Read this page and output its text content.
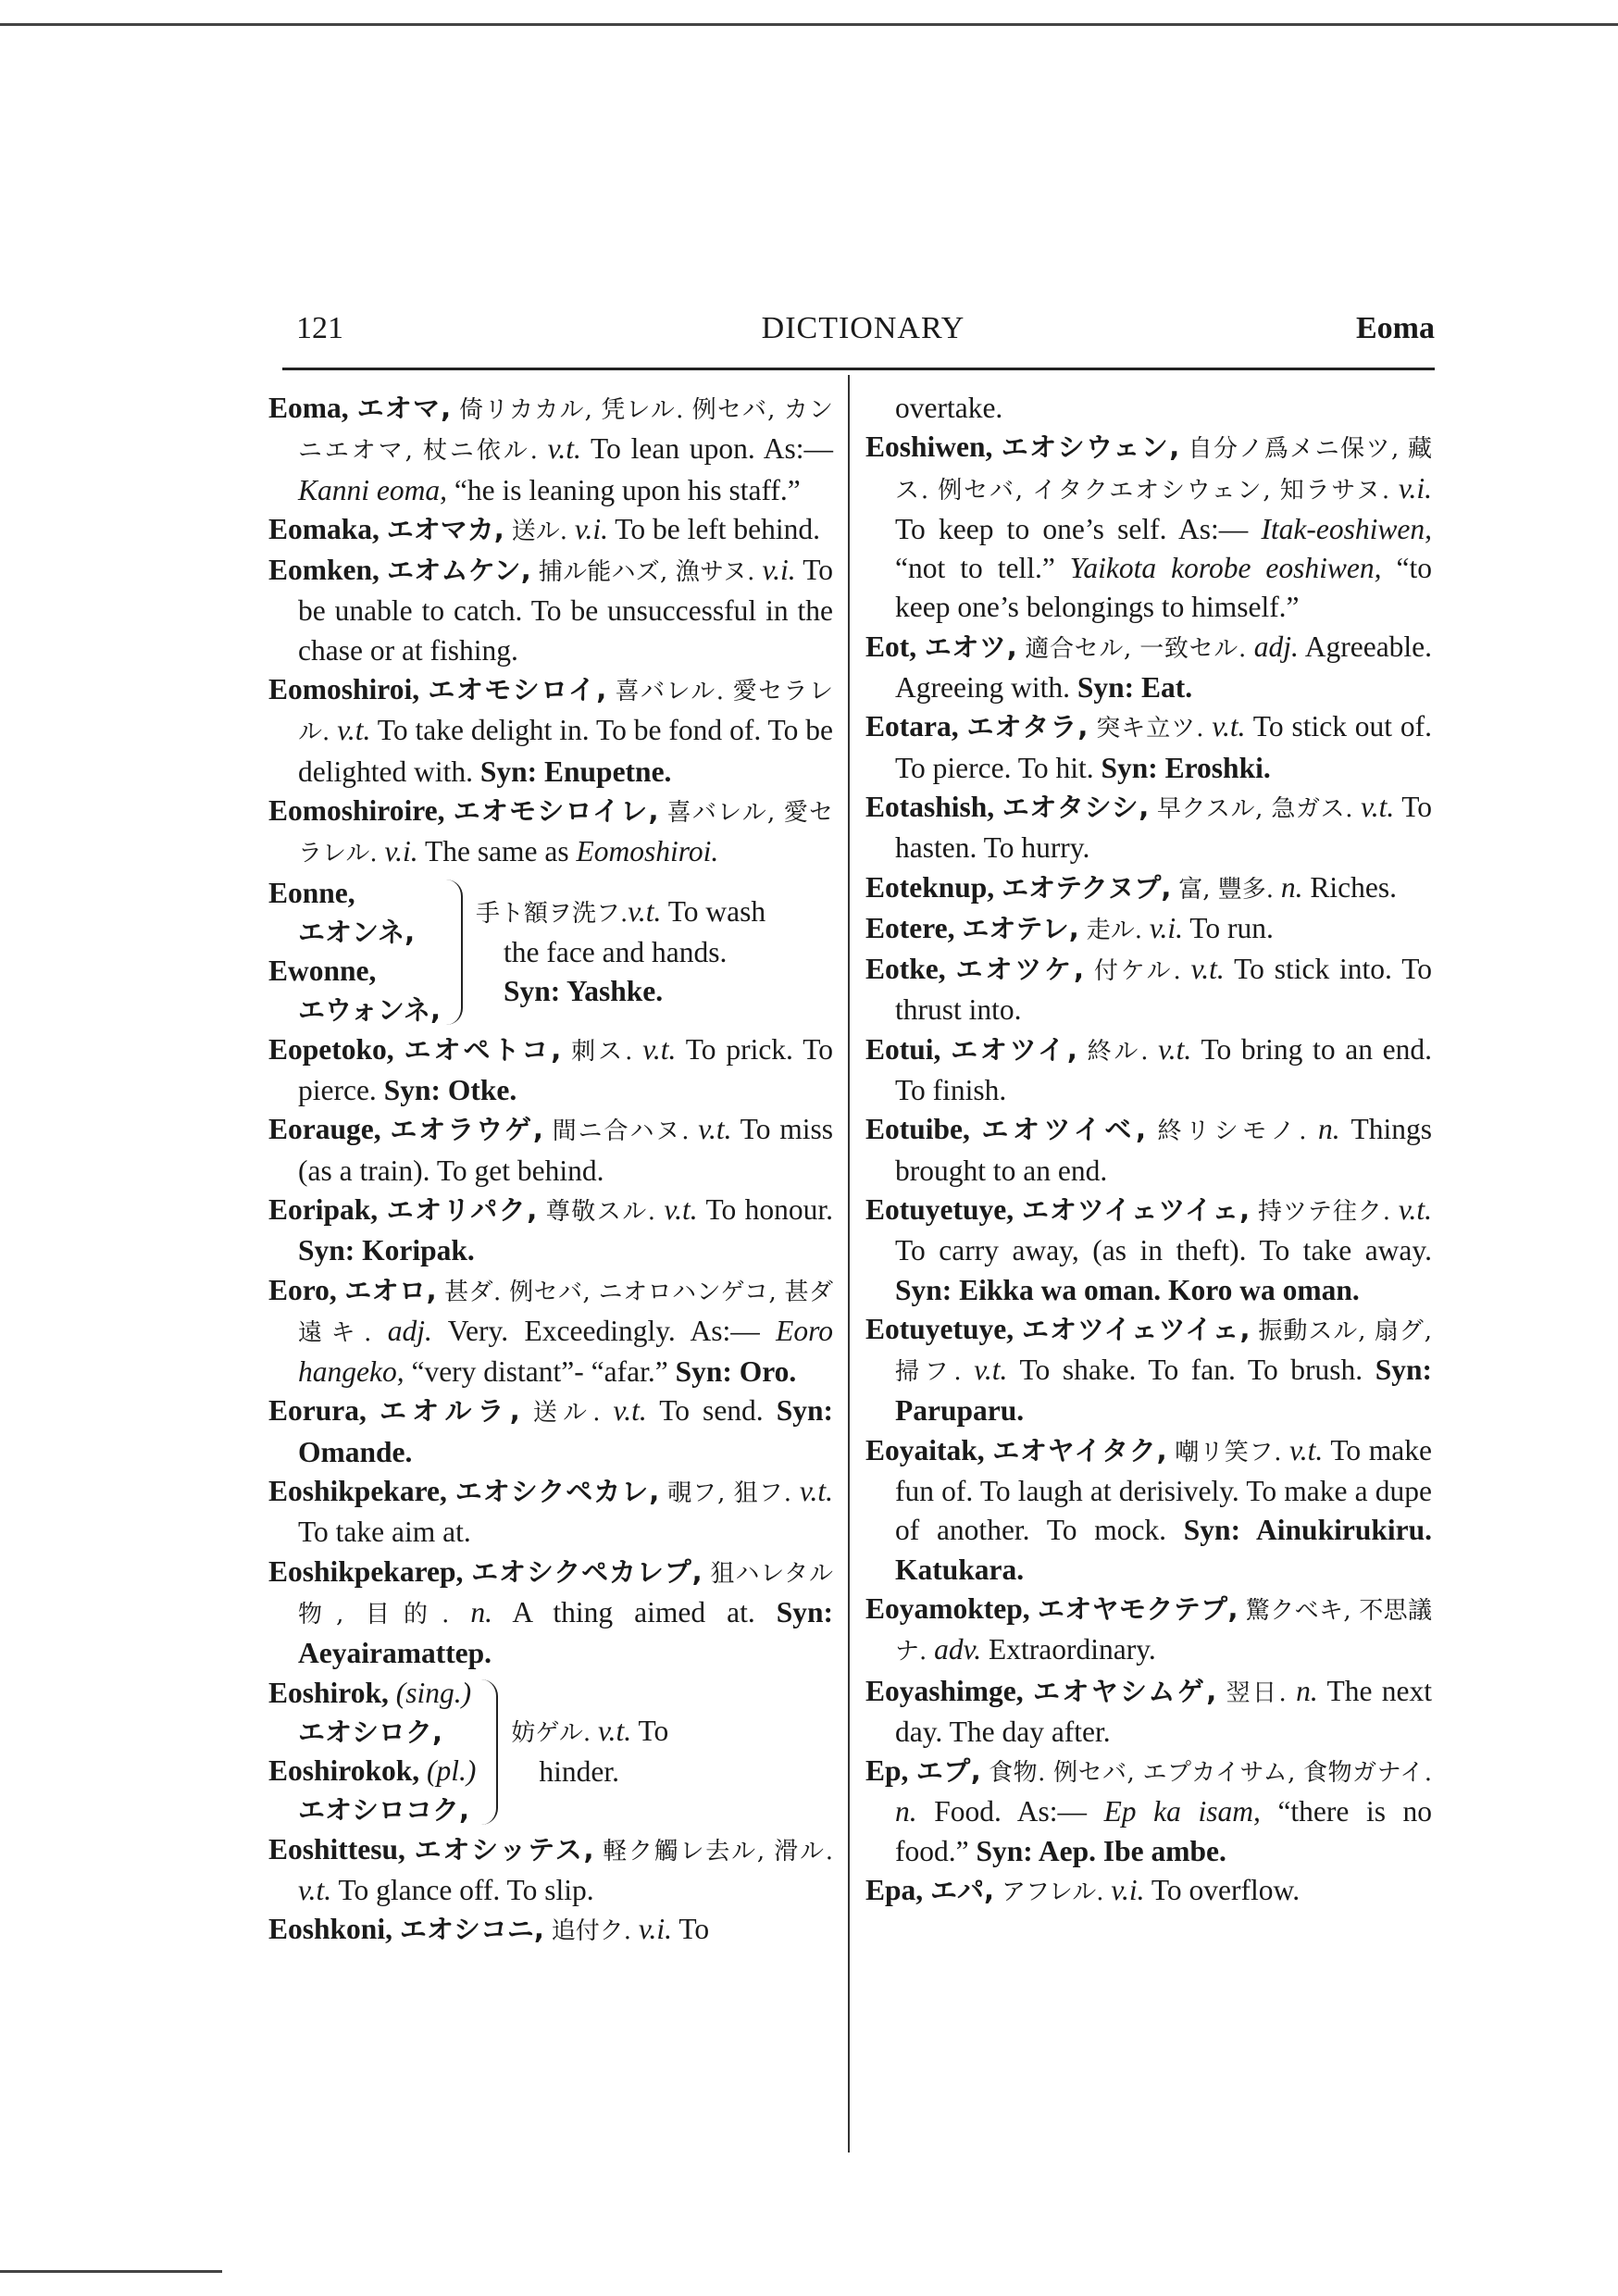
121	DICTIONARY	Eoma
Eoma, エオマ, 倚リカカル, 凭レル. 例セバ, カンニエオマ, 杖ニ依ル. v.t. To lean upon. As:— Kanni eoma, “he is leaning upon his staff.”
Eomaka, エオマカ, 送ル. v.i. To be left behind.
Eomken, エオムケン, 捕ル能ハズ, 漁サヌ. v.i. To be unable to catch. To be unsuccessful in the chase or at fishing.
Eomoshiroi, エオモシロイ, 喜バレル. 愛セラレル. v.t. To take delight in. To be fond of. To be delighted with. Syn: Enupetne.
Eomoshiroire, エオモシロイレ, 喜バレル, 愛セラレル. v.i. The same as Eomoshiroi.
Eonne,
エオンネ,
Ewonne,
エウォンネ,
手ト額ヲ洗フ.v.t. To wash
the face and hands.
Syn: Yashke.
Eopetoko, エオペトコ, 刺ス. v.t. To prick. To pierce. Syn: Otke.
Eorauge, エオラウゲ, 間ニ合ハヌ. v.t. To miss (as a train). To get behind.
Eoripak, エオリパク, 尊敬スル. v.t. To honour. Syn: Koripak.
Eoro, エオロ, 甚ダ. 例セバ, ニオロハンゲコ, 甚ダ遠キ. adj. Very. Exceedingly. As:— Eoro hangeko, “very distant”- “afar.” Syn: Oro.
Eorura, エオルラ, 送ル. v.t. To send. Syn: Omande.
Eoshikpekare, エオシクペカレ, 覗フ, 狙フ. v.t. To take aim at.
Eoshikpekarep, エオシクペカレプ, 狙ハレタル物, 目的. n. A thing aimed at. Syn: Aeyairamattep.
Eoshirok, (sing.)
エオシロク,
Eoshirokok, (pl.)
エオシロコク,
妨ゲル. v.t. To
hinder.
Eoshittesu, エオシッテス, 軽ク觸レ去ル, 滑ル. v.t. To glance off. To slip.
Eoshkoni, エオシコニ, 追付ク. v.i. To
overtake.
Eoshiwen, エオシウェン, 自分ノ爲メニ保ツ, 藏ス. 例セバ, イタクエオシウェン, 知ラサヌ. v.i. To keep to one’s self. As:— Itak-eoshiwen, “not to tell.” Yaikota korobe eoshiwen, “to keep one’s belongings to himself.”
Eot, エオツ, 適合セル, 一致セル. adj. Agreeable. Agreeing with. Syn: Eat.
Eotara, エオタラ, 突キ立ツ. v.t. To stick out of. To pierce. To hit. Syn: Eroshki.
Eotashish, エオタシシ, 早クスル, 急ガス. v.t. To hasten. To hurry.
Eoteknup, エオテクヌプ, 富, 豐多. n. Riches.
Eotere, エオテレ, 走ル. v.i. To run.
Eotke, エオツケ, 付ケル. v.t. To stick into. To thrust into.
Eotui, エオツイ, 終ル. v.t. To bring to an end. To finish.
Eotuibe, エオツイベ, 終リシモノ. n. Things brought to an end.
Eotuyetuye, エオツイェツイェ, 持ツテ往ク. v.t. To carry away, (as in theft). To take away. Syn: Eikka wa oman. Koro wa oman.
Eotuyetuye, エオツイェツイェ, 振動スル, 扇グ, 掃フ. v.t. To shake. To fan. To brush. Syn: Paruparu.
Eoyaitak, エオヤイタク, 嘲リ笑フ. v.t. To make fun of. To laugh at derisively. To make a dupe of another. To mock. Syn: Ainukirukiru. Katukara.
Eoyamoktep, エオヤモクテプ, 驚クベキ, 不思議ナ. adv. Extraordinary.
Eoyashimge, エオヤシムゲ, 翌日. n. The next day. The day after.
Ep, エプ, 食物. 例セバ, エプカイサム, 食物ガナイ. n. Food. As:— Ep ka isam, “there is no food.” Syn: Aep. Ibe ambe.
Epa, エパ, アフレル. v.i. To overflow.
